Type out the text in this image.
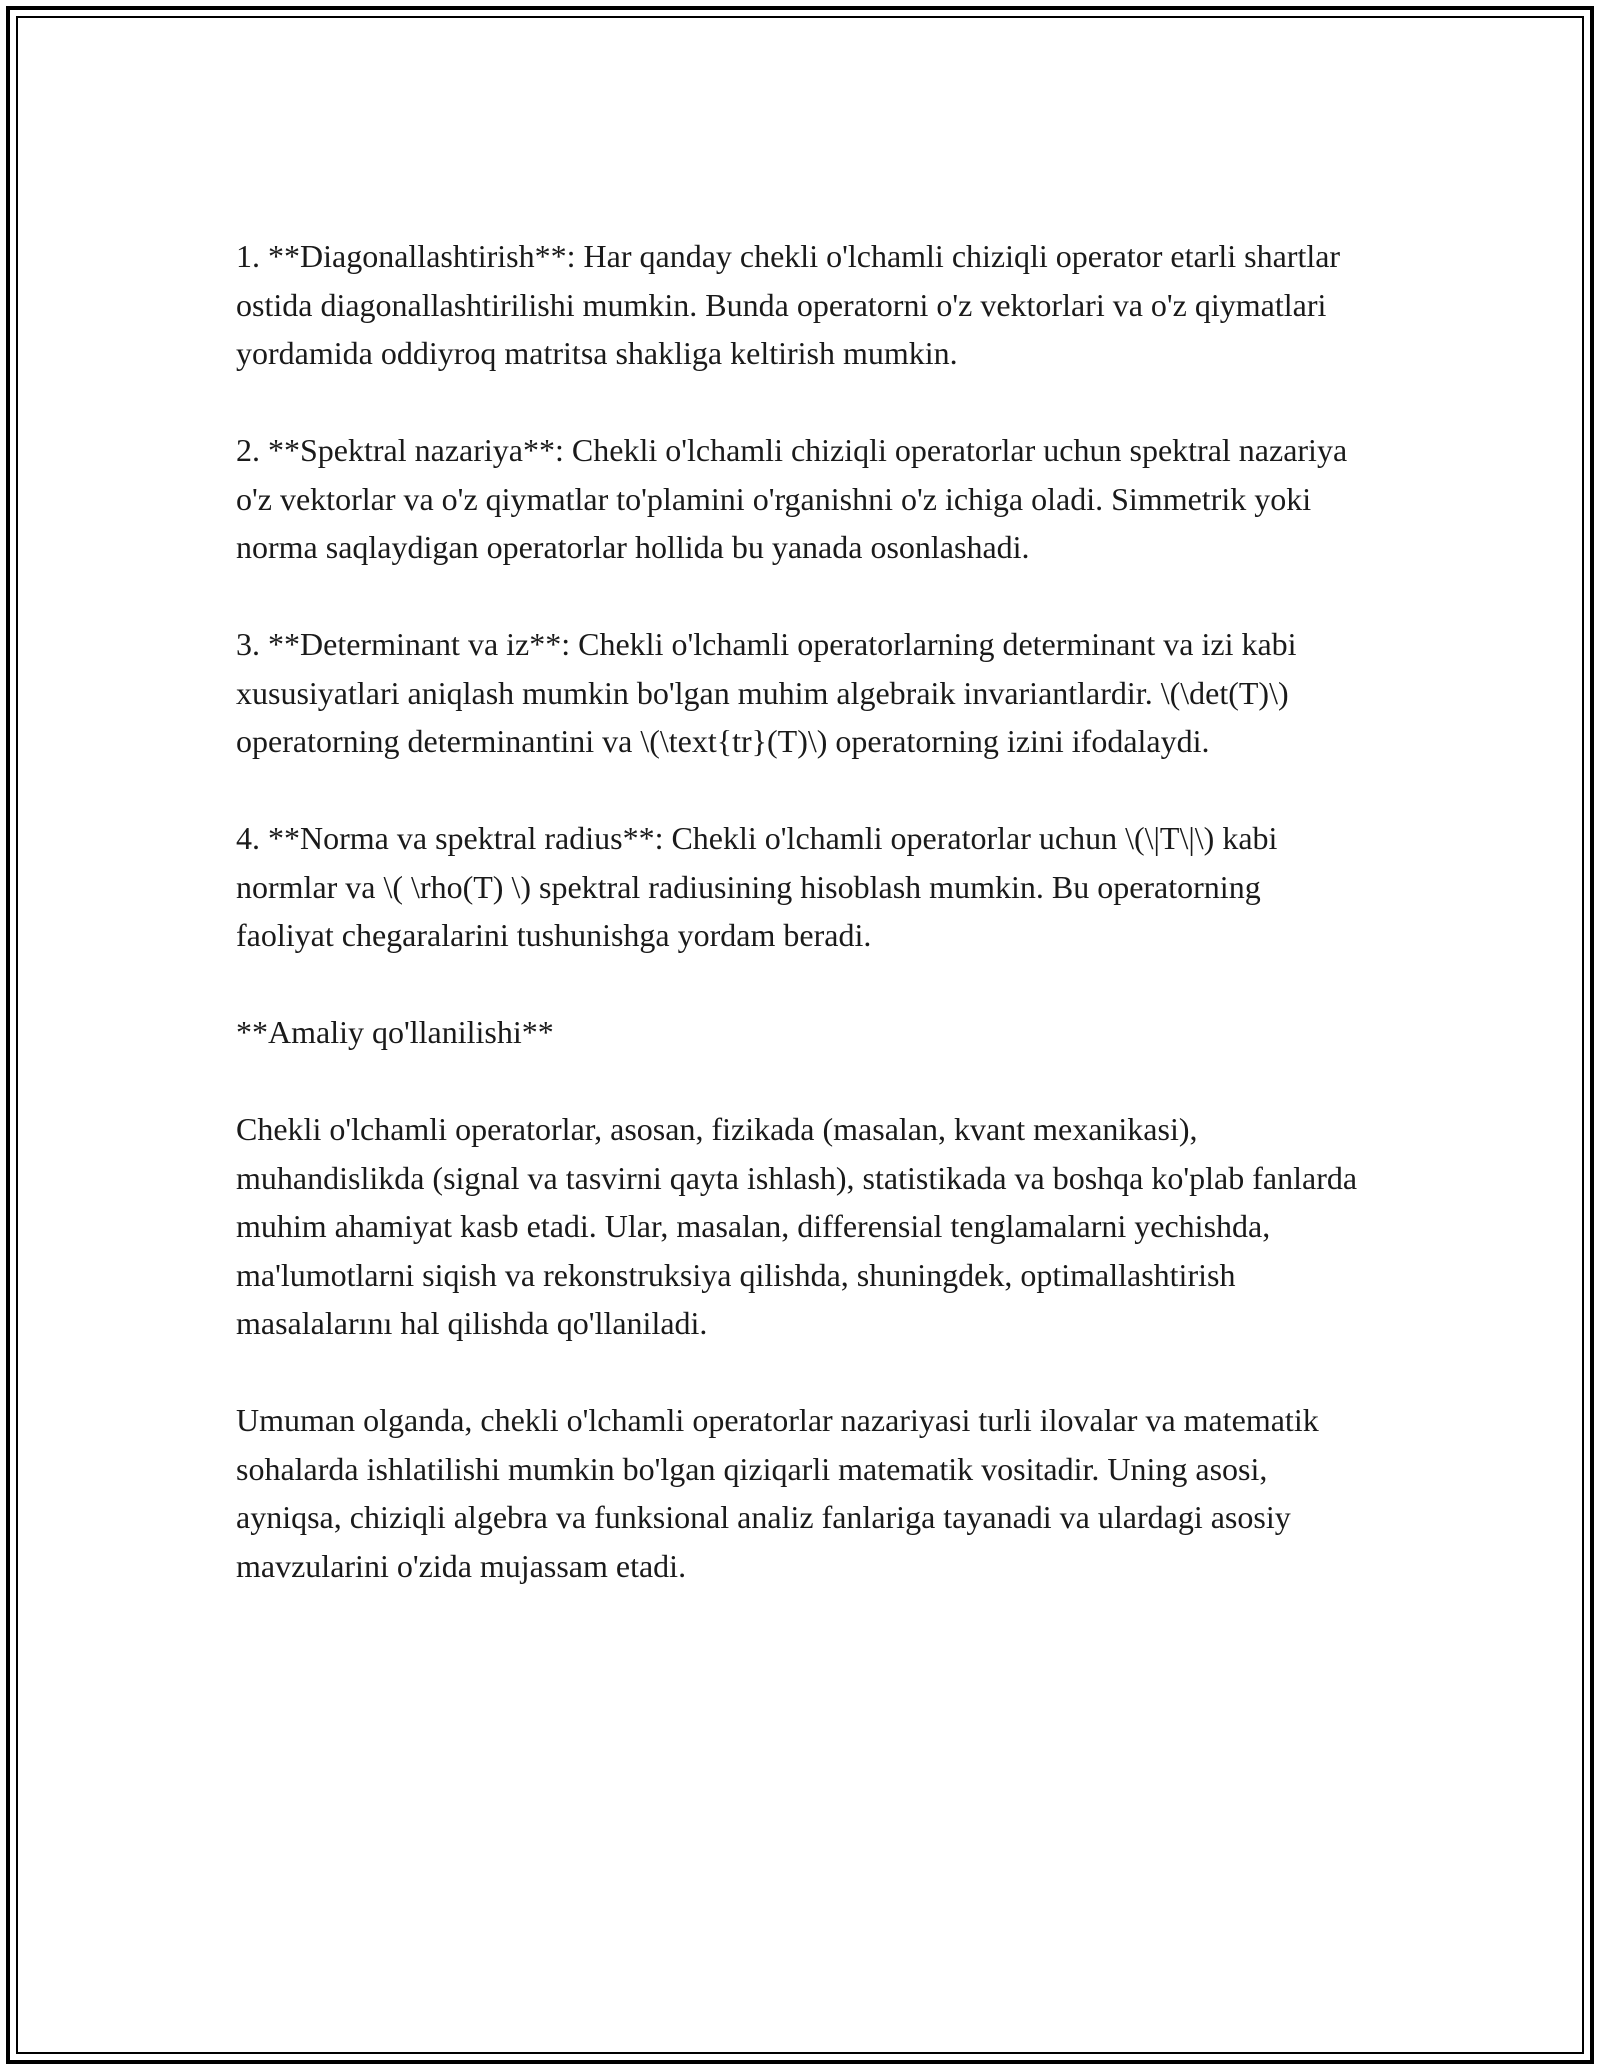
1. **Diagonallashtirish**: Har qanday chekli o'lchamli chiziqli operator etarli shartlar ostida diagonallashtirilishi mumkin. Bunda operatorni o'z vektorlari va o'z qiymatlari yordamida oddiyroq matritsa shakliga keltirish mumkin.

2. **Spektral nazariya**: Chekli o'lchamli chiziqli operatorlar uchun spektral nazariya o'z vektorlar va o'z qiymatlar to'plamini o'rganishni o'z ichiga oladi. Simmetrik yoki norma saqlaydigan operatorlar hollida bu yanada osonlashadi.

3. **Determinant va iz**: Chekli o'lchamli operatorlarning determinant va izi kabi xususiyatlari aniqlash mumkin bo'lgan muhim algebraik invariantlardir. \(\det(T)\) operatorning determinantini va \(\text{tr}(T)\) operatorning izini ifodalaydi.

4. **Norma va spektral radius**: Chekli o'lchamli operatorlar uchun \(\|T\|\) kabi normlar va \( \rho(T) \) spektral radiusining hisoblash mumkin. Bu operatorning faoliyat chegaralarini tushunishga yordam beradi.

**Amaliy qo'llanilishi**

Chekli o'lchamli operatorlar, asosan, fizikada (masalan, kvant mexanikasi), muhandislikda (signal va tasvirni qayta ishlash), statistikada va boshqa ko'plab fanlarda muhim ahamiyat kasb etadi. Ular, masalan, differensial tenglamalarni yechishda, ma'lumotlarni siqish va rekonstruksiya qilishda, shuningdek, optimallashtirish masalalarını hal qilishda qo'llaniladi.

Umuman olganda, chekli o'lchamli operatorlar nazariyasi turli ilovalar va matematik sohalarda ishlatilishi mumkin bo'lgan qiziqarli matematik vositadir. Uning asosi, ayniqsa, chiziqli algebra va funksional analiz fanlariga tayanadi va ulardagi asosiy mavzularini o'zida mujassam etadi.
